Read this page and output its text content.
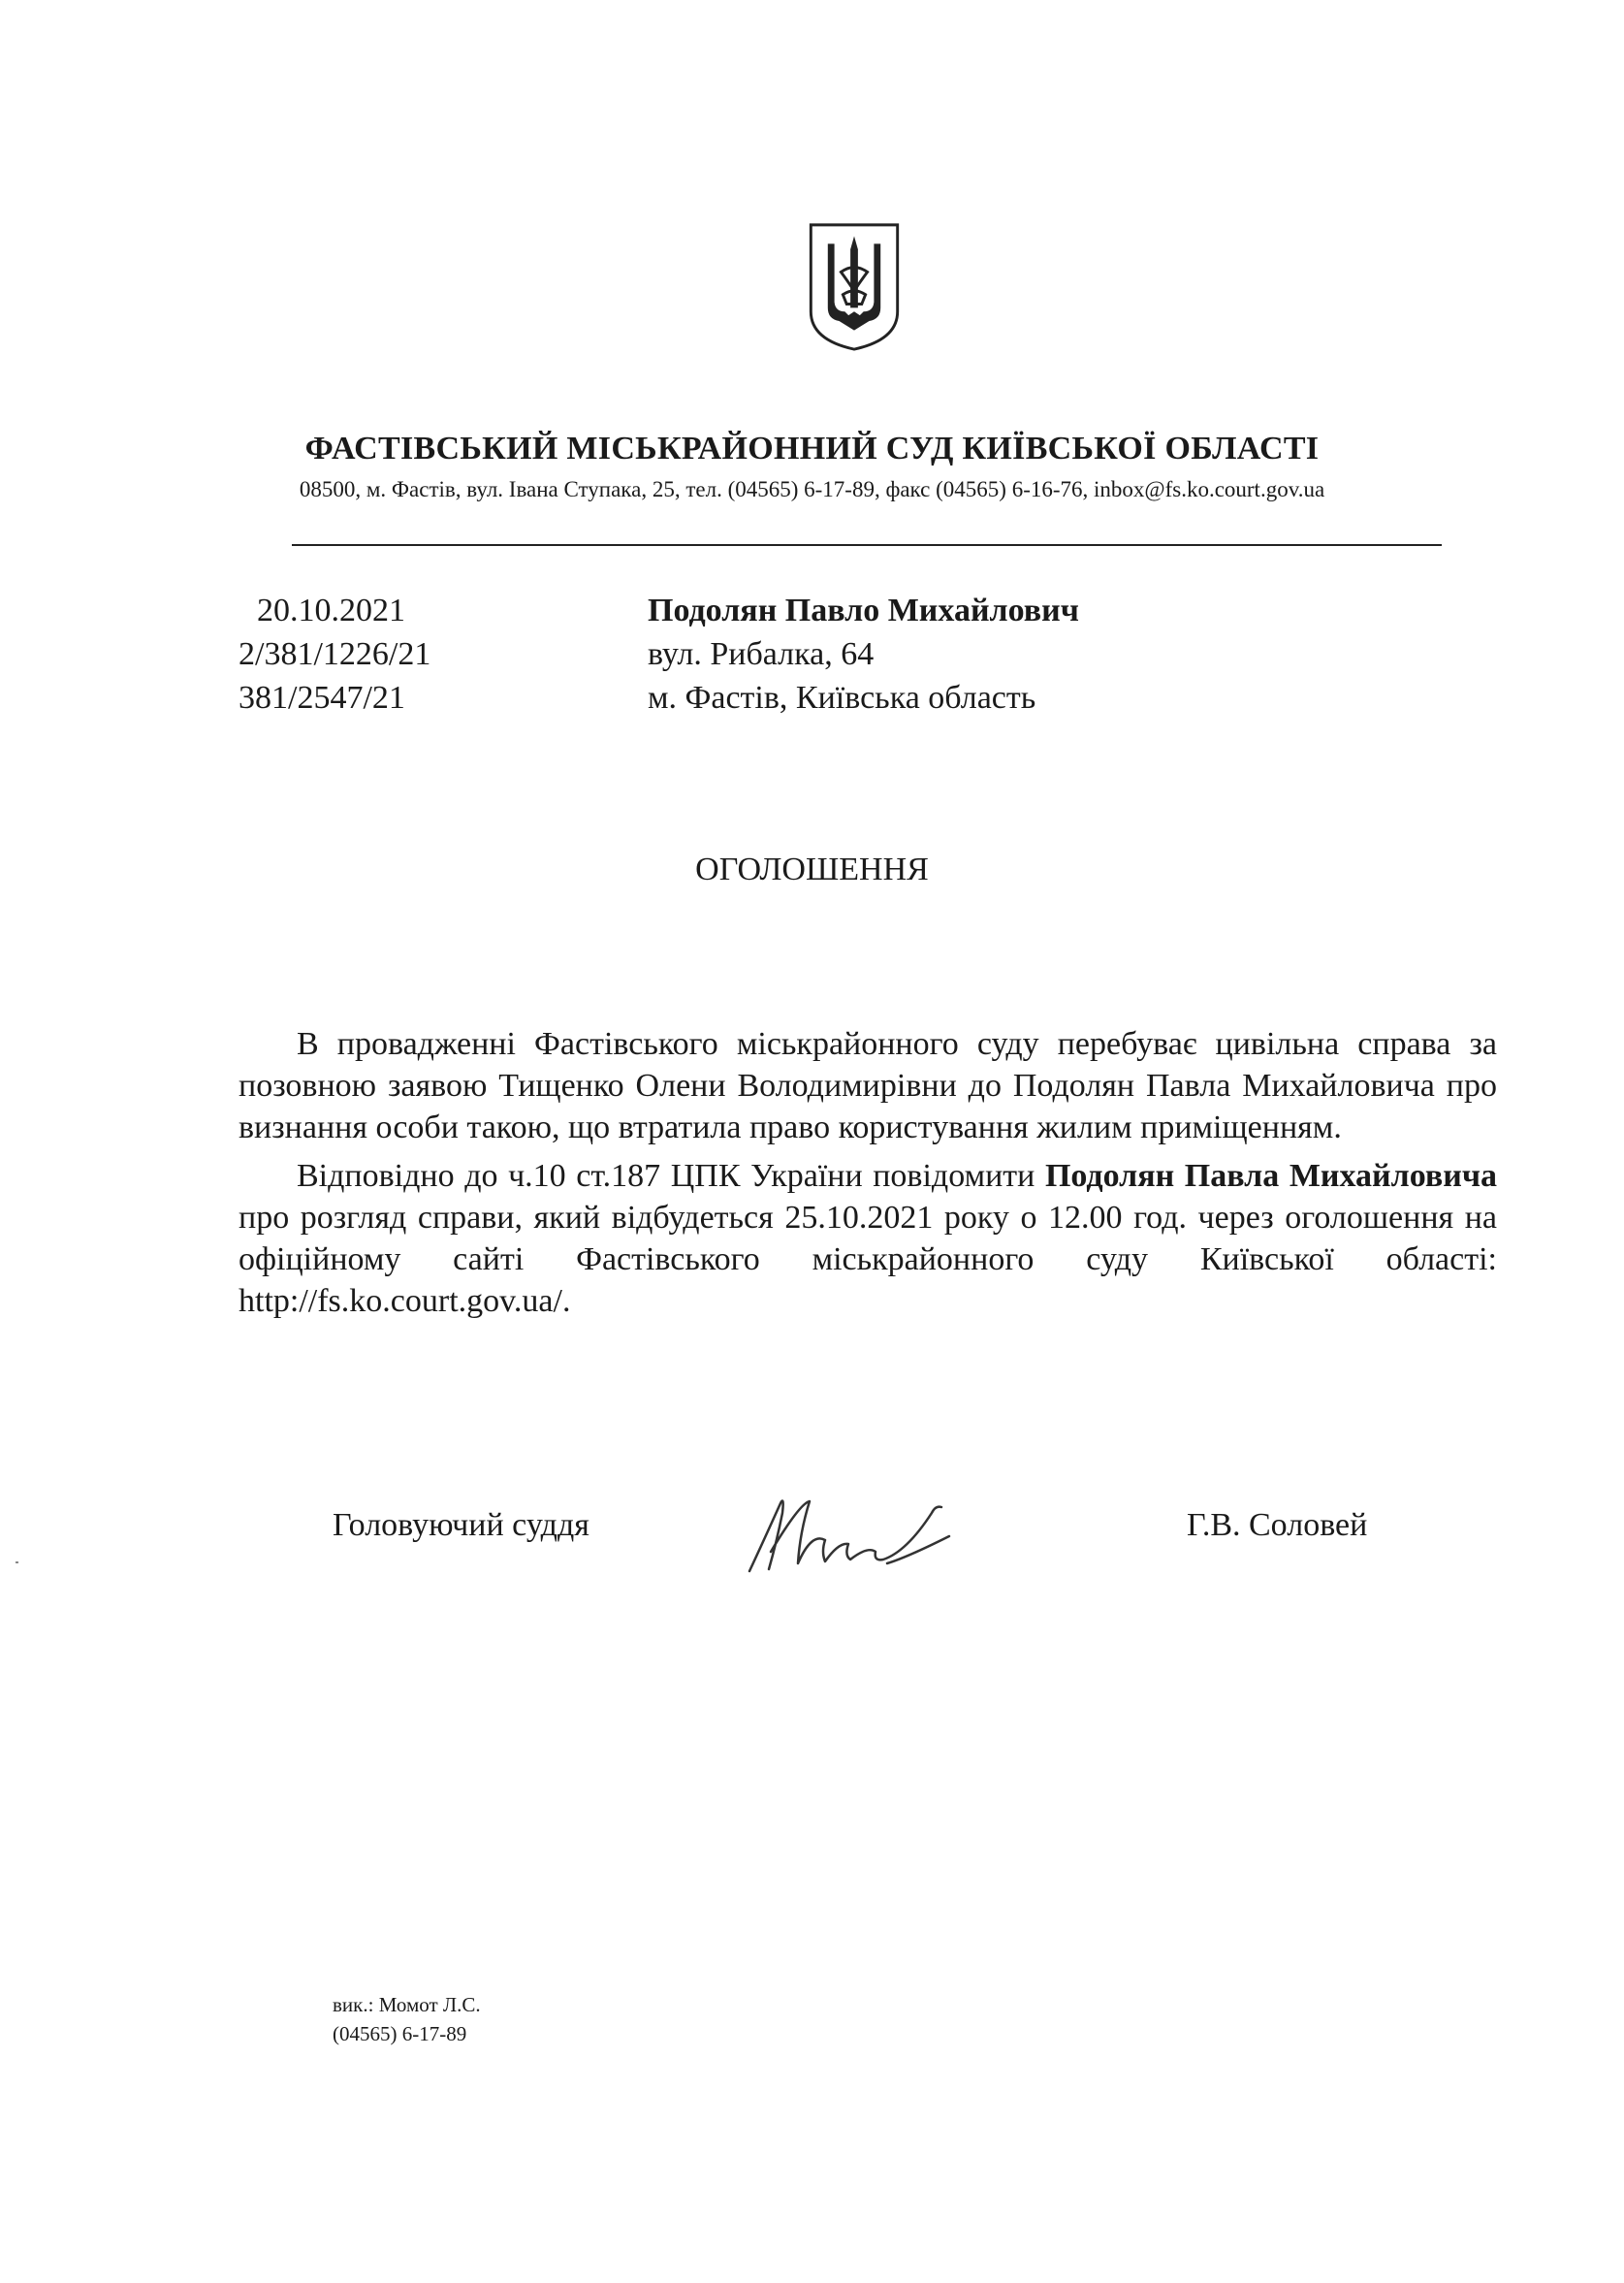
ФАСТІВСЬКИЙ МІСЬКРАЙОННИЙ СУД КИЇВСЬКОЇ ОБЛАСТІ
08500, м. Фастів, вул. Івана Ступака, 25, тел. (04565) 6-17-89, факс (04565) 6-16-76, inbox@fs.ko.court.gov.ua
20.10.2021
2/381/1226/21
381/2547/21
Подолян Павло Михайлович
вул. Рибалка, 64
м. Фастів, Київська область
ОГОЛОШЕННЯ

В провадженні Фастівського міськрайонного суду перебуває цивільна справа за позовною заявою Тищенко Олени Володимирівни до Подолян Павла Михайловича про визнання особи такою, що втратила право користування жилим приміщенням.

Відповідно до ч.10 ст.187 ЦПК України повідомити Подолян Павла Михайловича про розгляд справи, який відбудеться 25.10.2021 року о 12.00 год. через оголошення на офіційному сайті Фастівського міськрайонного суду Київської області: http://fs.ko.court.gov.ua/.

Головуючий суддя	Г.В. Соловей
вик.: Момот Л.С.
(04565) 6-17-89
